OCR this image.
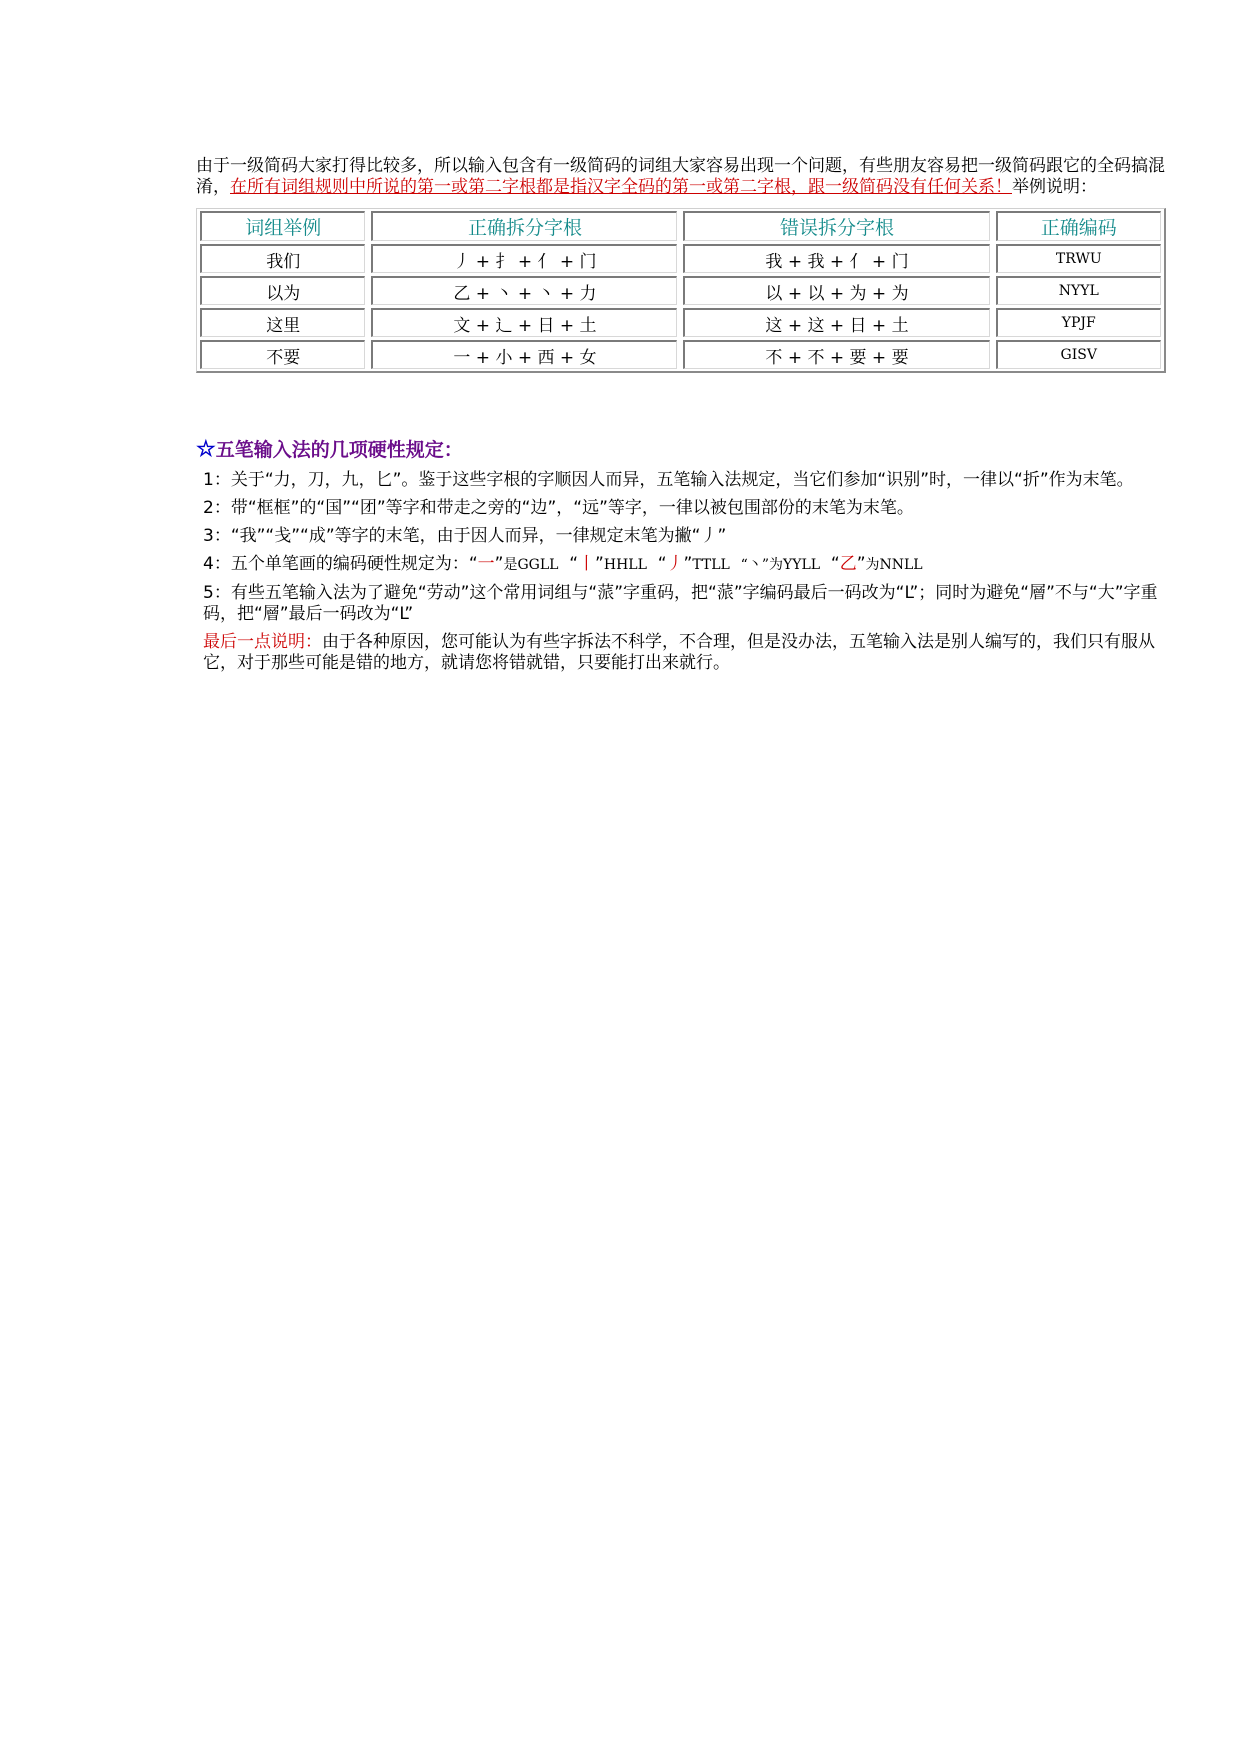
由于一级简码大家打得比较多，所以输入包含有一级简码的词组大家容易出现一个问题，有些朋友容易把一级简码跟它的全码搞混淆，在所有词组规则中所说的第一或第二字根都是指汉字全码的第一或第二字根，跟一级简码没有任何关系！举例说明：

词组举例	正确拆分字根	错误拆分字根	正确编码
我们	丿 + 扌 + 亻 + 门	我 + 我 + 亻 + 门	TRWU
以为	乙 + 丶 + 丶 + 力	以 + 以 + 为 + 为	NYYL
这里	文 + 辶 + 日 + 土	这 + 这 + 日 + 土	YPJF
不要	一 + 小 + 西 + 女	不 + 不 + 要 + 要	GISV
☆五笔输入法的几项硬性规定：

1：关于“力，刀，九，匕”。鉴于这些字根的字顺因人而异，五笔输入法规定，当它们参加“识别”时，一律以“折”作为末笔。

2：带“框框”的“国”“团”等字和带走之旁的“边”，“远”等字，一律以被包围部份的末笔为末笔。

3：“我”“戋”“成”等字的末笔，由于因人而异，一律规定末笔为撇“丿”

4：五个单笔画的编码硬性规定为：“一”是GGLL “丨”HHLL “丿”TTLL “丶”为YYLL “乙”为NNLL

5：有些五笔输入法为了避免“劳动”这个常用词组与“蒎”字重码，把“蒎”字编码最后一码改为“L”；同时为避免“層”不与“大”字重码，把“層”最后一码改为“L”

最后一点说明：由于各种原因，您可能认为有些字拆法不科学，不合理，但是没办法，五笔输入法是别人编写的，我们只有服从它，对于那些可能是错的地方，就请您将错就错，只要能打出来就行。
